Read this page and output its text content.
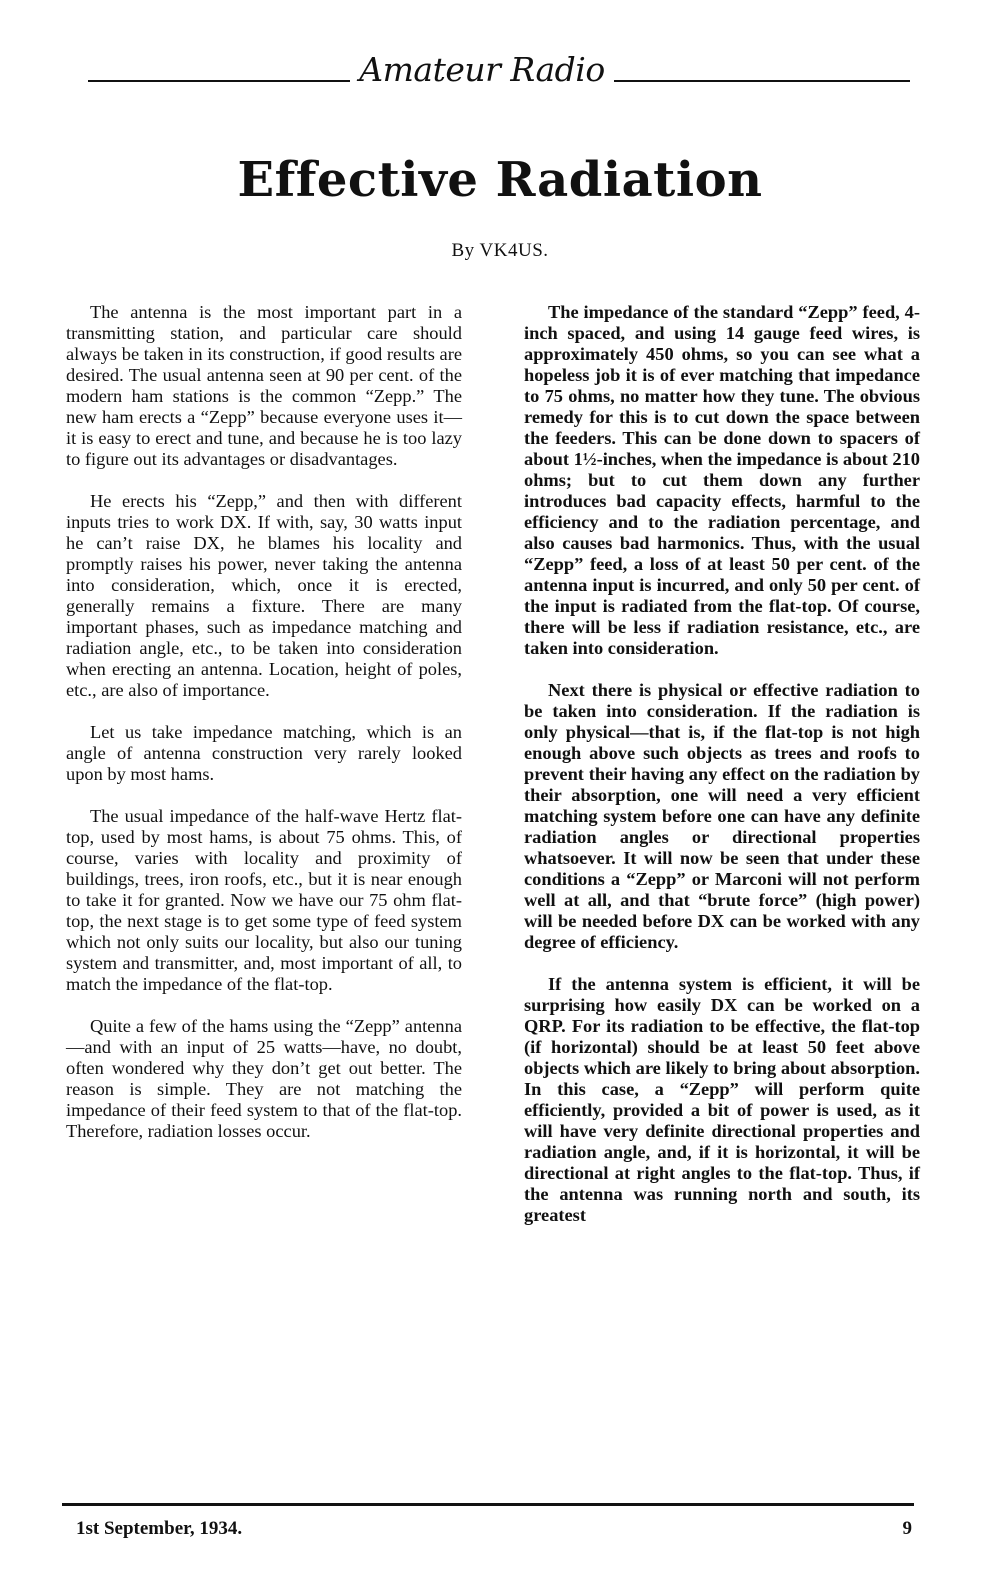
Amateur Radio
Effective Radiation
By VK4US.

The antenna is the most important part in a transmitting station, and particular care should always be taken in its construction, if good results are desired. The usual antenna seen at 90 per cent. of the modern ham stations is the common “Zepp.” The new ham erects a “Zepp” because everyone uses it—it is easy to erect and tune, and because he is too lazy to figure out its advantages or disadvantages.

He erects his “Zepp,” and then with different inputs tries to work DX. If with, say, 30 watts input he can’t raise DX, he blames his locality and promptly raises his power, never taking the antenna into consideration, which, once it is erected, generally remains a fixture. There are many important phases, such as impedance matching and radiation angle, etc., to be taken into consideration when erecting an antenna. Location, height of poles, etc., are also of importance.

Let us take impedance matching, which is an angle of antenna construction very rarely looked upon by most hams.

The usual impedance of the half-wave Hertz flat-top, used by most hams, is about 75 ohms. This, of course, varies with locality and proximity of buildings, trees, iron roofs, etc., but it is near enough to take it for granted. Now we have our 75 ohm flat-top, the next stage is to get some type of feed system which not only suits our locality, but also our tuning system and transmitter, and, most important of all, to match the impedance of the flat-top.

Quite a few of the hams using the “Zepp” antenna—and with an input of 25 watts—have, no doubt, often wondered why they don’t get out better. The reason is simple. They are not matching the impedance of their feed system to that of the flat-top. Therefore, radiation losses occur.

The impedance of the standard “Zepp” feed, 4-inch spaced, and using 14 gauge feed wires, is approximately 450 ohms, so you can see what a hopeless job it is of ever matching that impedance to 75 ohms, no matter how they tune. The obvious remedy for this is to cut down the space between the feeders. This can be done down to spacers of about 1½-inches, when the impedance is about 210 ohms; but to cut them down any further introduces bad capacity effects, harmful to the efficiency and to the radiation percentage, and also causes bad harmonics. Thus, with the usual “Zepp” feed, a loss of at least 50 per cent. of the antenna input is incurred, and only 50 per cent. of the input is radiated from the flat-top. Of course, there will be less if radiation resistance, etc., are taken into consideration.

Next there is physical or effective radiation to be taken into consideration. If the radiation is only physical—that is, if the flat-top is not high enough above such objects as trees and roofs to prevent their having any effect on the radiation by their absorption, one will need a very efficient matching system before one can have any definite radiation angles or directional properties whatsoever. It will now be seen that under these conditions a “Zepp” or Marconi will not perform well at all, and that “brute force” (high power) will be needed before DX can be worked with any degree of efficiency.

If the antenna system is efficient, it will be surprising how easily DX can be worked on a QRP. For its radiation to be effective, the flat-top (if horizontal) should be at least 50 feet above objects which are likely to bring about absorption. In this case, a “Zepp” will perform quite efficiently, provided a bit of power is used, as it will have very definite directional properties and radiation angle, and, if it is horizontal, it will be directional at right angles to the flat-top. Thus, if the antenna was running north and south, its greatest

1st September, 1934.	9
